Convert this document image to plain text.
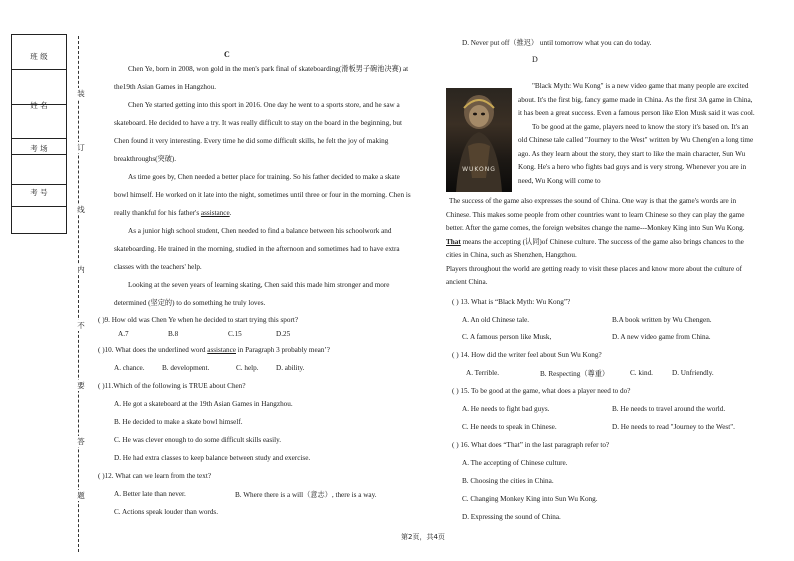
班 级
姓 名
考 场
考 号
装
订
线
内
不
要
答
题
C

Chen Ye, born in 2008, won gold in the men's park final of skateboarding(滑板男子碗池决赛) at the19th Asian Games in Hangzhou.

Chen Ye started getting into this sport in 2016. One day he went to a sports store, and he saw a skateboard. He decided to have a try. It was really difficult to stay on the board in the beginning, but Chen found it very interesting. Every time he did some difficult skills, he felt the joy of making breakthroughs(突破).

As time goes by, Chen needed a better place for training. So his father decided to make a skate bowl himself. He worked on it late into the night, sometimes until three or four in the morning. Chen is really thankful for his father's assistance.

As a junior high school student, Chen needed to find a balance between his schoolwork and skateboarding. He trained in the morning, studied in the afternoon and sometimes had to have extra classes with the teachers' help.

Looking at the seven years of learning skating, Chen said this made him stronger and more determined (坚定的) to do something he truly loves.

( )9. How old was Chen Ye when he decided to start trying this sport?
A.7	B.8	C.15	D.25
( )10. What does the underlined word assistance in Paragraph 3 probably mean’?
A. chance. B. development.	C. help. D. ability.
( )11.Which of the following is TRUE about Chen?
A. He got a skateboard at the 19th Asian Games in Hangzhou.
B. He decided to make a skate bowl himself.
C. He was clever enough to do some difficult skills easily.
D. He had extra classes to keep balance between study and exercise.
( )12. What can we learn from the text?
A. Better late than never.	B. Where there is a will（意志）, there is a way.
C. Actions speak louder than words.
D. Never put off（推迟） until tomorrow what you can do today.
D
WUKONG

"Black Myth: Wu Kong" is a new video game that many people are excited about. It's the first big, fancy game made in China. As the first 3A game in China, it has been a great success. Even a famous person like Elon Musk said it was cool.

To be good at the game, players need to know the story it's based on. It's an old Chinese tale called "Journey to the West" written by Wu Cheng'en a long time ago. As they learn about the story, they start to like the main character, Sun Wu Kong. He's a hero who fights bad guys and is very strong. Whenever you are in need, Wu Kong will come to

The success of the game also expresses the sound of China. One way is that the game's words are in Chinese. This makes some people from other countries want to learn Chinese so they can play the game better. After the game comes, the foreign websites change the name---Monkey King into Sun Wu Kong.

That means the accepting (认同)of Chinese culture. The success of the game also brings chances to the cities in China, such as Shenzhen, Hangzhou.

Players throughout the world are getting ready to visit these places and know more about the culture of ancient China.

( ) 13. What is “Black Myth: Wu Kong”?
A. An old Chinese tale.	B.A book written by Wu Chengen.
C. A famous person like Musk,	D. A new video game from China.
( ) 14. How did the writer feel about Sun Wu Kong?
A. Terrible.	B. Respecting（尊重）	C. kind.	D. Unfriendly.
( ) 15. To be good at the game, what does a player need to do?
A. He needs to fight bad guys.	B. He needs to travel around the world.
C. He needs to speak in Chinese.	D. He needs to read "Journey to the West".
( ) 16. What does “That” in the last paragraph refer to?
A. The accepting of Chinese culture.
B. Choosing the cities in China.
C. Changing Monkey King into Sun Wu Kong.
D. Expressing the sound of China.
第2页，共4页
